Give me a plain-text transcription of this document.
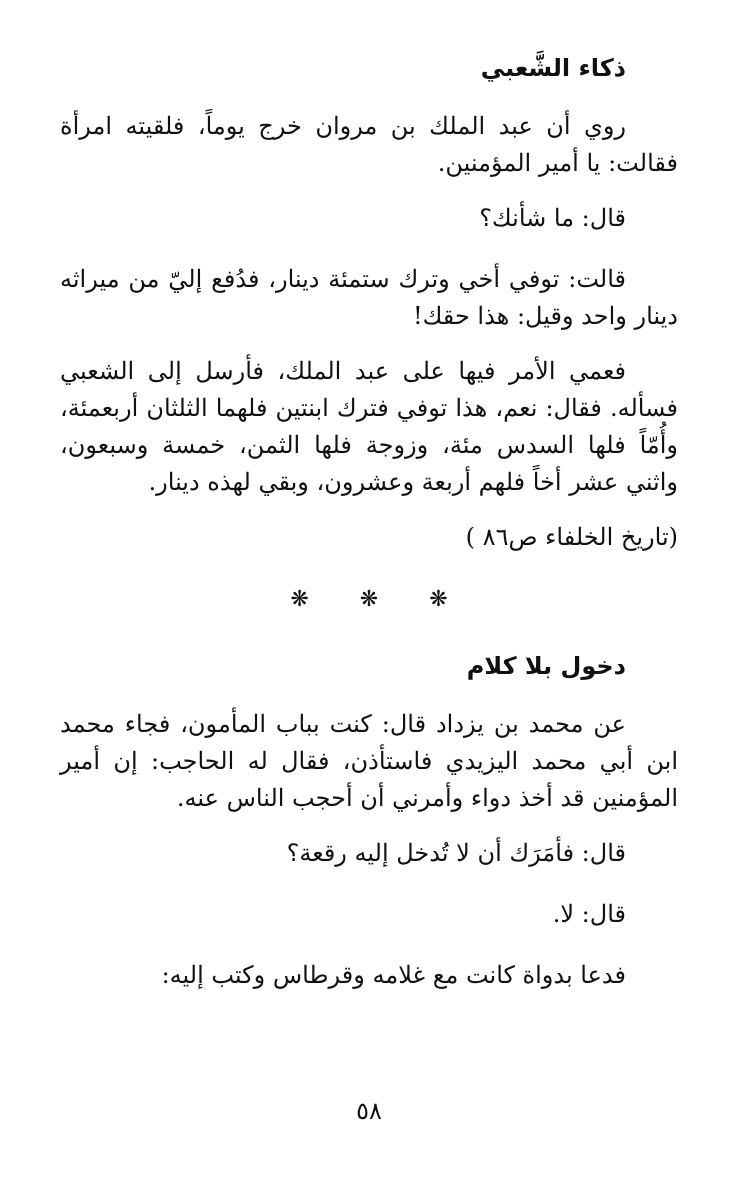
ذكاء الشَّعبي

روي أن عبد الملك بن مروان خرج يوماً، فلقيته امرأة فقالت: يا أمير المؤمنين.

قال: ما شأنك؟

قالت: توفي أخي وترك ستمئة دينار، فدُفع إليّ من ميراثه دينار واحد وقيل: هذا حقك!

فعمي الأمر فيها على عبد الملك، فأرسل إلى الشعبي فسأله. فقال: نعم، هذا توفي فترك ابنتين فلهما الثلثان أربعمئة، وأُمّاً فلها السدس مئة، وزوجة فلها الثمن، خمسة وسبعون، واثني عشر أخاً فلهم أربعة وعشرون، وبقي لهذه دينار.

(تاريخ الخلفاء ص٨٦ )

❋ ❋ ❋
دخول بلا كلام

عن محمد بن يزداد قال: كنت بباب المأمون، فجاء محمد ابن أبي محمد اليزيدي فاستأذن، فقال له الحاجب: إن أمير المؤمنين قد أخذ دواء وأمرني أن أحجب الناس عنه.

قال: فأمَرَك أن لا تُدخل إليه رقعة؟

قال: لا.

فدعا بدواة كانت مع غلامه وقرطاس وكتب إليه:

٥٨
